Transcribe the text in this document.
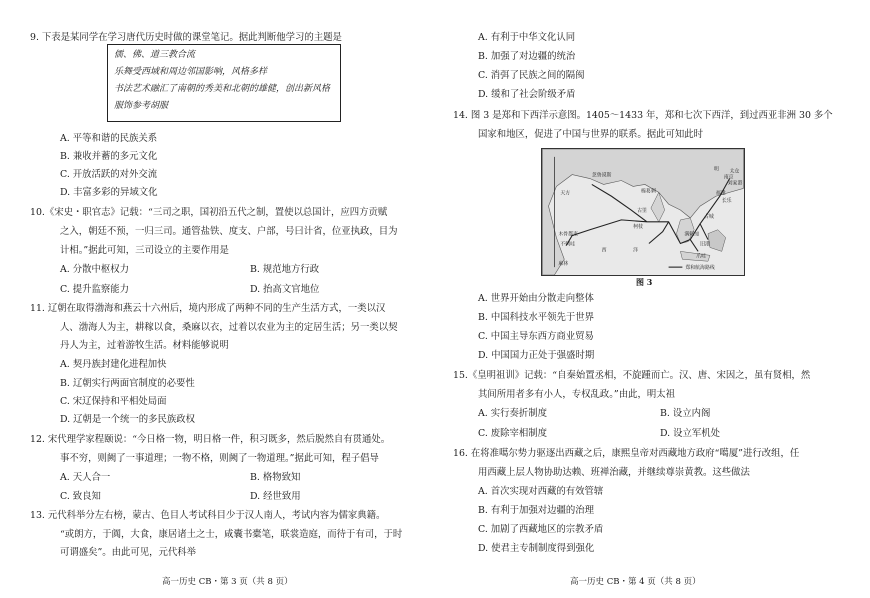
9. 下表是某同学在学习唐代历史时做的课堂笔记。据此判断他学习的主题是
儒、佛、道三教合流
乐舞受西域和周边邻国影响，风格多样
书法艺术融汇了南朝的秀美和北朝的雄健，创出新风格
服饰参考胡服
A. 平等和谐的民族关系
B. 兼收并蓄的多元文化
C. 开放活跃的对外交流
D. 丰富多彩的异域文化
10.《宋史・职官志》记载：“三司之职，国初沿五代之制，置使以总国计，应四方贡赋
之入，朝廷不预，一归三司。通管盐铁、度支、户部，号曰计省，位亚执政，目为
计相。”据此可知，三司设立的主要作用是
A. 分散中枢权力	B. 规范地方行政
C. 提升监察能力	D. 抬高文官地位
11. 辽朝在取得渤海和燕云十六州后，境内形成了两种不同的生产生活方式，一类以汉
人、渤海人为主，耕稼以食，桑麻以衣，过着以农业为主的定居生活；另一类以契
丹人为主，过着游牧生活。材料能够说明
A. 契丹族封建化进程加快
B. 辽朝实行两面官制度的必要性
C. 宋辽保持和平相处局面
D. 辽朝是一个统一的多民族政权
12. 宋代理学家程颐说：“今日格一物，明日格一件，积习既多，然后脱然自有贯通处。
事不穷，则阙了一事道理；一物不格，则阙了一物道理。”据此可知，程子倡导
A. 天人合一	B. 格物致知
C. 致良知	D. 经世致用
13. 元代科举分左右榜，蒙古、色目人考试科目少于汉人南人，考试内容为儒家典籍。
“或朗方，于阗，大食，康居诸土之士，咸囊书橐笔，联裳造庭，而待于有司，于时
可谓盛矣”。由此可见，元代科举
高一历史 CB・第 3 页（共 8 页）
A. 有利于中华文化认同
B. 加强了对边疆的统治
C. 消弭了民族之间的隔阂
D. 缓和了社会阶级矛盾
14. 图 3 是郑和下西洋示意图。1405～1433 年，郑和七次下西洋，到过西亚非洲 30 多个
国家和地区，促进了中国与世界的联系。据此可知此时
明
忽鲁谟斯
天方	榛葛刺
古里
柯枝
木骨都束
不剌哇
麻林
满剌加
爪哇
旧港
占城
太仓
南京
刘家港
福建
长乐
西	洋
郑和航海路线
图 3
A. 世界开始由分散走向整体
B. 中国科技水平领先于世界
C. 中国主导东西方商业贸易
D. 中国国力正处于强盛时期
15.《皇明祖训》记载：“自秦始置丞相，不旋踵而亡。汉、唐、宋因之，虽有贤相，然
其间所用者多有小人，专权乱政。”由此，明太祖
A. 实行奏折制度	B. 设立内阁
C. 废除宰相制度	D. 设立军机处
16. 在将准噶尔势力驱逐出西藏之后，康熙皇帝对西藏地方政府“噶厦”进行改组，任
用西藏上层人物协助达赖、班禅治藏，并继续尊崇黄教。这些做法
A. 首次实现对西藏的有效管辖
B. 有利于加强对边疆的治理
C. 加剧了西藏地区的宗教矛盾
D. 使君主专制制度得到强化
高一历史 CB・第 4 页（共 8 页）
